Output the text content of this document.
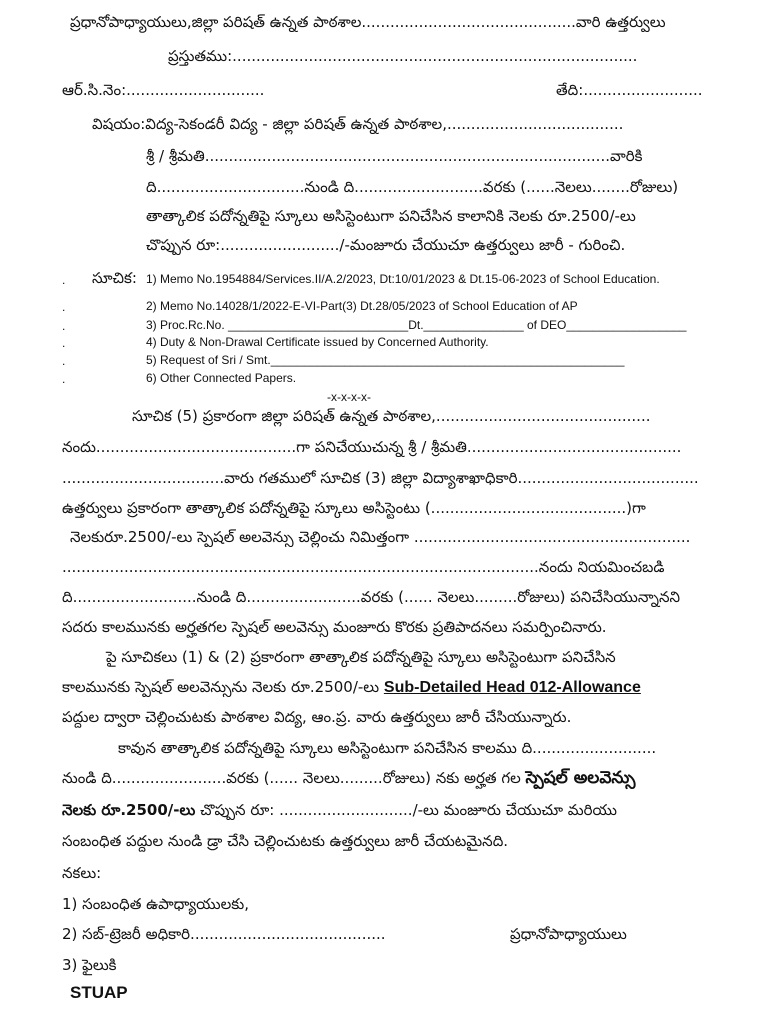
ప్రధానోపాధ్యాయులు,జిల్లా పరిషత్ ఉన్నత పాఠశాల.............................................వారి ఉత్తర్వులు
ప్రస్తుతము:.....................................................................................
ఆర్.సి.నెం:.............................	తేది:.........................
విషయం:విద్య-సెకండరీ విద్య - జిల్లా పరిషత్ ఉన్నత పాఠశాల,.....................................
శ్రీ / శ్రీమతి.....................................................................................వారికి
ది...............................నుండి ది...........................వరకు (......నెలలు........రోజులు)
తాత్కాలిక పదోన్నతిపై స్కూలు అసిస్టెంటుగా పనిచేసిన కాలానికి నెలకు రూ.2500/-లు
చొప్పున రూ:........................./-మంజూరు చేయుచూ ఉత్తర్వులు జారీ - గురించి.
. సూచిక: 1) Memo No.1954884/Services.II/A.2/2023, Dt:10/01/2023 & Dt.15-06-2023 of School Education.
.	2) Memo No.14028/1/2022-E-VI-Part(3) Dt.28/05/2023 of School Education of AP
.	3) Proc.Rc.No. ___________________________Dt._______________ of DEO__________________
.	4) Duty & Non-Drawal Certificate issued by Concerned Authority.
.	5) Request of Sri / Smt._____________________________________________________
.	6) Other Connected Papers.
-x-x-x-x-
సూచిక (5) ప్రకారంగా జిల్లా పరిషత్ ఉన్నత పాఠశాల,.............................................
నందు..........................................గా పనిచేయుచున్న శ్రీ / శ్రీమతి.............................................
..................................వారు గతములో సూచిక (3) జిల్లా విద్యాశాఖాధికారి......................................
ఉత్తర్వులు ప్రకారంగా తాత్కాలిక పదోన్నతిపై స్కూలు అసిస్టెంటు (.........................................)గా
నెలకురూ.2500/-లు స్పెషల్ అలవెన్సు చెల్లించు నిమిత్తంగా ..........................................................
....................................................................................................నందు నియమించబడి
ది..........................నుండి ది........................వరకు (...... నెలలు.........రోజులు) పనిచేసియున్నానని
సదరు కాలమునకు అర్హతగల స్పెషల్ అలవెన్సు మంజూరు కొరకు ప్రతిపాదనలు సమర్పించినారు.
పై సూచికలు (1) & (2) ప్రకారంగా తాత్కాలిక పదోన్నతిపై స్కూలు అసిస్టెంటుగా పనిచేసిన
కాలమునకు స్పెషల్ అలవెన్సును నెలకు రూ.2500/-లు Sub-Detailed Head 012-Allowance
పద్దుల ద్వారా చెల్లించుటకు పాఠశాల విద్య, ఆం.ప్ర. వారు ఉత్తర్వులు జారీ చేసియున్నారు.
కావున తాత్కాలిక పదోన్నతిపై స్కూలు అసిస్టెంటుగా పనిచేసిన కాలము ది..........................
నుండి ది........................వరకు (...... నెలలు.........రోజులు) నకు అర్హత గల స్పెషల్ అలవెన్సు
నెలకు రూ.2500/-లు చొప్పున రూ: ............................/-లు మంజూరు చేయుచూ మరియు
సంబంధిత పద్దుల నుండి డ్రా చేసి చెల్లించుటకు ఉత్తర్వులు జారీ చేయటమైనది.
నకలు:
1) సంబంధిత ఉపాధ్యాయులకు,
2) సబ్-ట్రెజరీ అధికారి.........................................	ప్రధానోపాధ్యాయులు
3) ఫైలుకి
STUAP
